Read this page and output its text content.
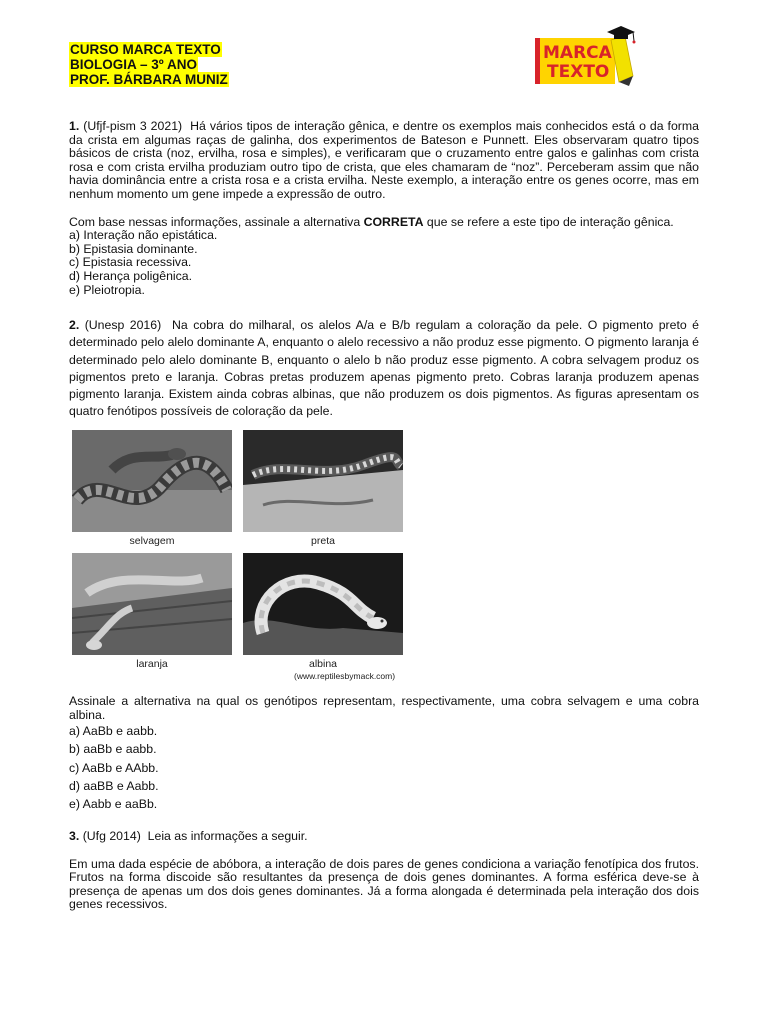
CURSO MARCA TEXTO
BIOLOGIA – 3º ANO
PROF. BÁRBARA MUNIZ
MARCA
TEXTO

1. (Ufjf-pism 3 2021) Há vários tipos de interação gênica, e dentre os exemplos mais conhecidos está o da forma da crista em algumas raças de galinha, dos experimentos de Bateson e Punnett. Eles observaram quatro tipos básicos de crista (noz, ervilha, rosa e simples), e verificaram que o cruzamento entre galos e galinhas com crista rosa e com crista ervilha produziam outro tipo de crista, que eles chamaram de “noz”. Perceberam assim que não havia dominância entre a crista rosa e a crista ervilha. Neste exemplo, a interação entre os genes ocorre, mas em nenhum momento um gene impede a expressão de outro.

Com base nessas informações, assinale a alternativa CORRETA que se refere a este tipo de interação gênica.

a) Interação não epistática.

b) Epistasia dominante.

c) Epistasia recessiva.

d) Herança poligênica.

e) Pleiotropia.

2. (Unesp 2016) Na cobra do milharal, os alelos A/a e B/b regulam a coloração da pele. O pigmento preto é determinado pelo alelo dominante A, enquanto o alelo recessivo a não produz esse pigmento. O pigmento laranja é determinado pelo alelo dominante B, enquanto o alelo b não produz esse pigmento. A cobra selvagem produz os pigmentos preto e laranja. Cobras pretas produzem apenas pigmento preto. Cobras laranja produzem apenas pigmento laranja. Existem ainda cobras albinas, que não produzem os dois pigmentos. As figuras apresentam os quatro fenótipos possíveis de coloração da pele.

selvagem	preta
laranja	albina
(www.reptilesbymack.com)

Assinale a alternativa na qual os genótipos representam, respectivamente, uma cobra selvagem e uma cobra albina.

a) AaBb e aabb.

b) aaBb e aabb.

c) AaBb e AAbb.

d) aaBB e Aabb.

e) Aabb e aaBb.

3. (Ufg 2014) Leia as informações a seguir.

Em uma dada espécie de abóbora, a interação de dois pares de genes condiciona a variação fenotípica dos frutos. Frutos na forma discoide são resultantes da presença de dois genes dominantes. A forma esférica deve-se à presença de apenas um dos dois genes dominantes. Já a forma alongada é determinada pela interação dos dois genes recessivos.
